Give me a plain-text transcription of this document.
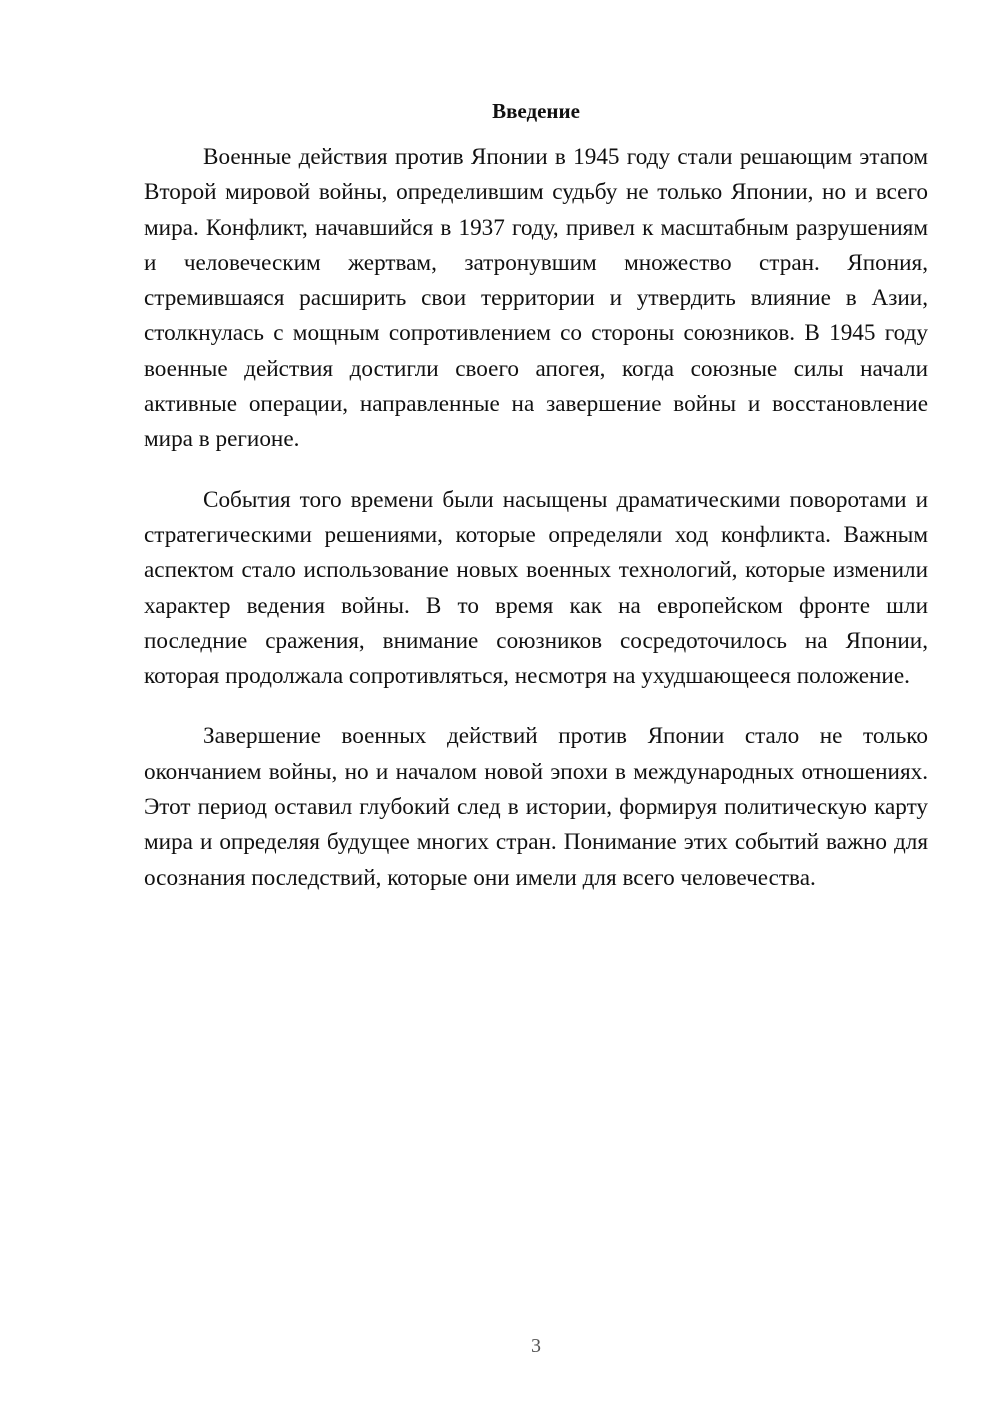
Введение

Военные действия против Японии в 1945 году стали решающим этапом Второй мировой войны, определившим судьбу не только Японии, но и всего мира. Конфликт, начавшийся в 1937 году, привел к масштабным разрушениям и человеческим жертвам, затронувшим множество стран. Япония, стремившаяся расширить свои территории и утвердить влияние в Азии, столкнулась с мощным сопротивлением со стороны союзников. В 1945 году военные действия достигли своего апогея, когда союзные силы начали активные операции, направленные на завершение войны и восстановление мира в регионе.

События того времени были насыщены драматическими поворотами и стратегическими решениями, которые определяли ход конфликта. Важным аспектом стало использование новых военных технологий, которые изменили характер ведения войны. В то время как на европейском фронте шли последние сражения, внимание союзников сосредоточилось на Японии, которая продолжала сопротивляться, несмотря на ухудшающееся положение.

Завершение военных действий против Японии стало не только окончанием войны, но и началом новой эпохи в международных отношениях. Этот период оставил глубокий след в истории, формируя политическую карту мира и определяя будущее многих стран. Понимание этих событий важно для осознания последствий, которые они имели для всего человечества.

3
